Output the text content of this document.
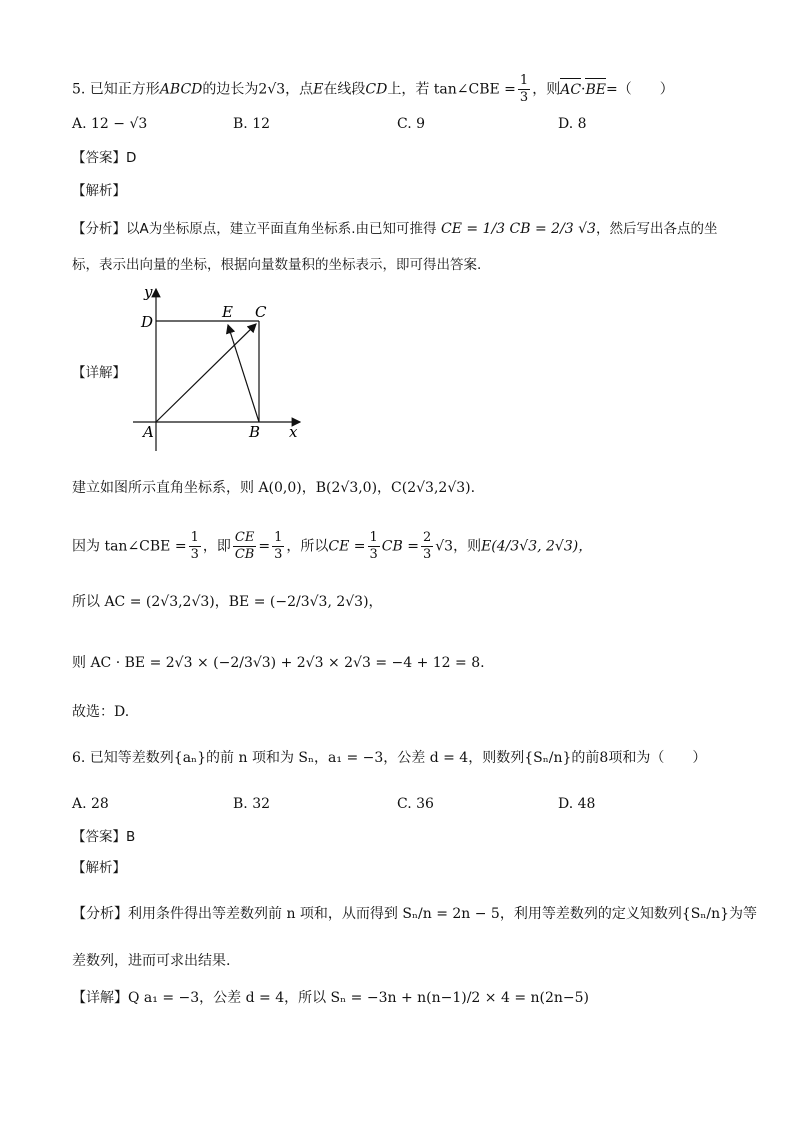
5. 已知正方形ABCD的边长为2√3，点E在线段CD上，若 tan∠CBE = $\frac{1}{3}$ ，则AC·BE=（　　）
A. 12 − √3	B. 12	C. 9	D. 8
【答案】D
【解析】
【分析】以A为坐标原点，建立平面直角坐标系.由已知可推得 CE = 1/3 CB = 2/3 √3，然后写出各点的坐
标，表示出向量的坐标，根据向量数量积的坐标表示，即可得出答案.
y
x
D
E C
A	B
【详解】
建立如图所示直角坐标系，则 A(0,0)，B(2√3,0)，C(2√3,2√3).
因为 tan∠CBE = $\frac{1}{3}$ ，即 $\frac{CE}{CB} = \frac{1}{3}$ ，所以CE = $\frac{1}{3}$ CB = $\frac{2}{3} √3$，则E(4/3√3, 2√3)，
所以 AC = (2√3,2√3)，BE = (−2/3√3, 2√3)，
则 AC · BE = 2√3 × (−2/3√3) + 2√3 × 2√3 = −4 + 12 = 8.
故选：D.
6. 已知等差数列{aₙ}的前 n 项和为 Sₙ，a₁ = −3，公差 d = 4，则数列{Sₙ/n}的前8项和为（　　）
A. 28	B. 32	C. 36	D. 48
【答案】B
【解析】
【分析】利用条件得出等差数列前 n 项和，从而得到 Sₙ/n = 2n − 5，利用等差数列的定义知数列{Sₙ/n}为等
差数列，进而可求出结果.
【详解】Q a₁ = −3，公差 d = 4，所以 Sₙ = −3n + n(n−1)/2 × 4 = n(2n−5)
